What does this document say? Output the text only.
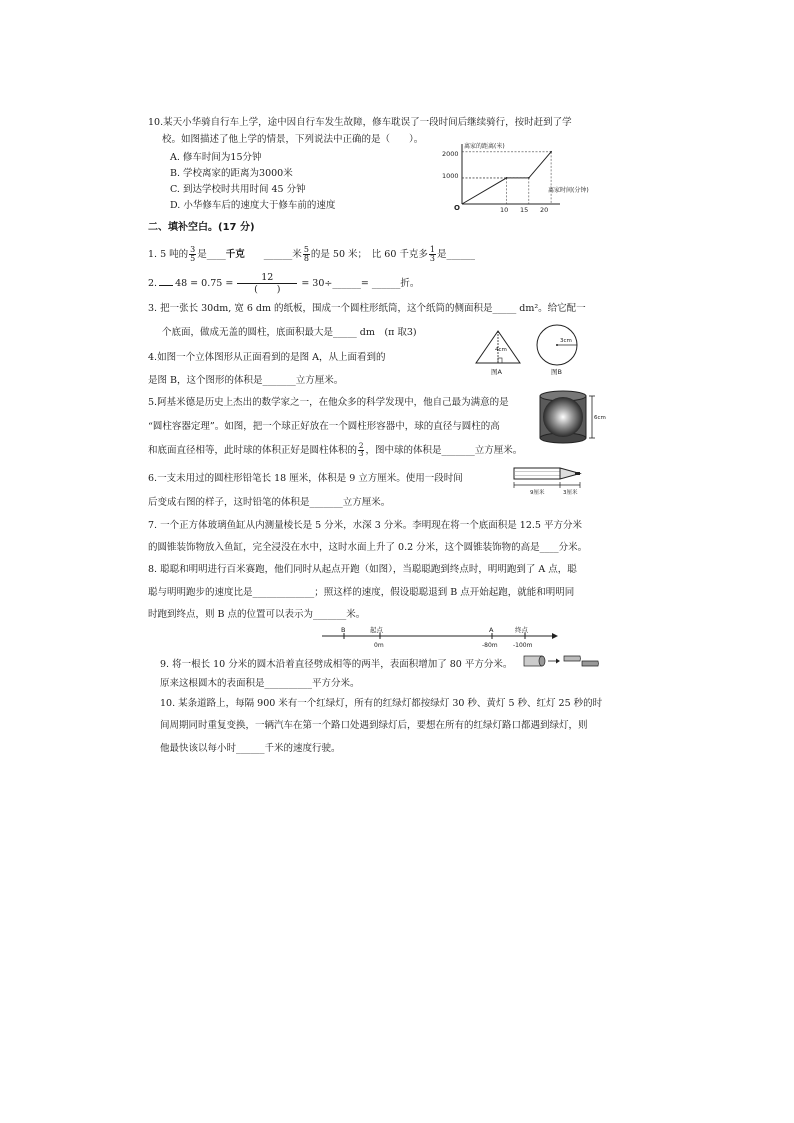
10.某天小华骑自行车上学，途中因自行车发生故障，修车耽误了一段时间后继续骑行，按时赶到了学
校。如图描述了他上学的情景，下列说法中正确的是（　　）。
A. 修车时间为15分钟
B. 学校离家的距离为3000米
C. 到达学校时共用时间 45 分钟
D. 小华修车后的速度大于修车前的速度
离家的距离(米)
离家时间(分钟)
2000
1000
10 15 20
O
二、填补空白。(17 分)
1. 5 吨的 $\frac{3}{5}$ 是____千克　　______米 $\frac{5}{8}$ 的是 50 米；　比 60 千克多 $\frac{1}{3}$ 是______
2. 48 = 0.75 =
12
(　　)
= 30÷______= ______折。
3. 把一张长 30dm, 宽 6 dm 的纸板，围成一个圆柱形纸筒，这个纸筒的侧面积是_____ dm²。给它配一
个底面，做成无盖的圆柱，底面积最大是_____ dm　(π 取3)
4.如图一个立体图形从正面看到的是图 A，从上面看到的
是图 B，这个图形的体积是_______立方厘米。
4cm
图A
3cm
图B
5.阿基米德是历史上杰出的数学家之一，在他众多的科学发现中，他自己最为满意的是
“圆柱容器定理”。如图，把一个球正好放在一个圆柱形容器中，球的直径与圆柱的高
和底面直径相等，此时球的体积正好是圆柱体积的 $\frac{2}{3}$ ，图中球的体积是_______立方厘米。
6cm
6.一支未用过的圆柱形铅笔长 18 厘米，体积是 9 立方厘米。使用一段时间
后变成右图的样子，这时铅笔的体积是_______立方厘米。
9厘米	3厘米
7. 一个正方体玻璃鱼缸从内测量棱长是 5 分米，水深 3 分米。李明现在将一个底面积是 12.5 平方分米
的圆锥装饰物放入鱼缸，完全浸没在水中，这时水面上升了 0.2 分米，这个圆锥装饰物的高是____分米。
8. 聪聪和明明进行百米赛跑，他们同时从起点开跑（如图），当聪聪跑到终点时，明明跑到了 A 点，聪
聪与明明跑步的速度比是_____________；照这样的速度，假设聪聪退到 B 点开始起跑，就能和明明同
时跑到终点，则 B 点的位置可以表示为_______米。
B	起点
0m
A
-80m
终点
-100m
9. 将一根长 10 分米的圆木沿着直径劈成相等的两半，表面积增加了 80 平方分米。
原来这根圆木的表面积是__________平方分米。
10. 某条道路上，每隔 900 米有一个红绿灯，所有的红绿灯都按绿灯 30 秒、黄灯 5 秒、红灯 25 秒的时
间周期同时重复变换，一辆汽车在第一个路口处遇到绿灯后，要想在所有的红绿灯路口都遇到绿灯，则
他最快该以每小时______千米的速度行驶。
